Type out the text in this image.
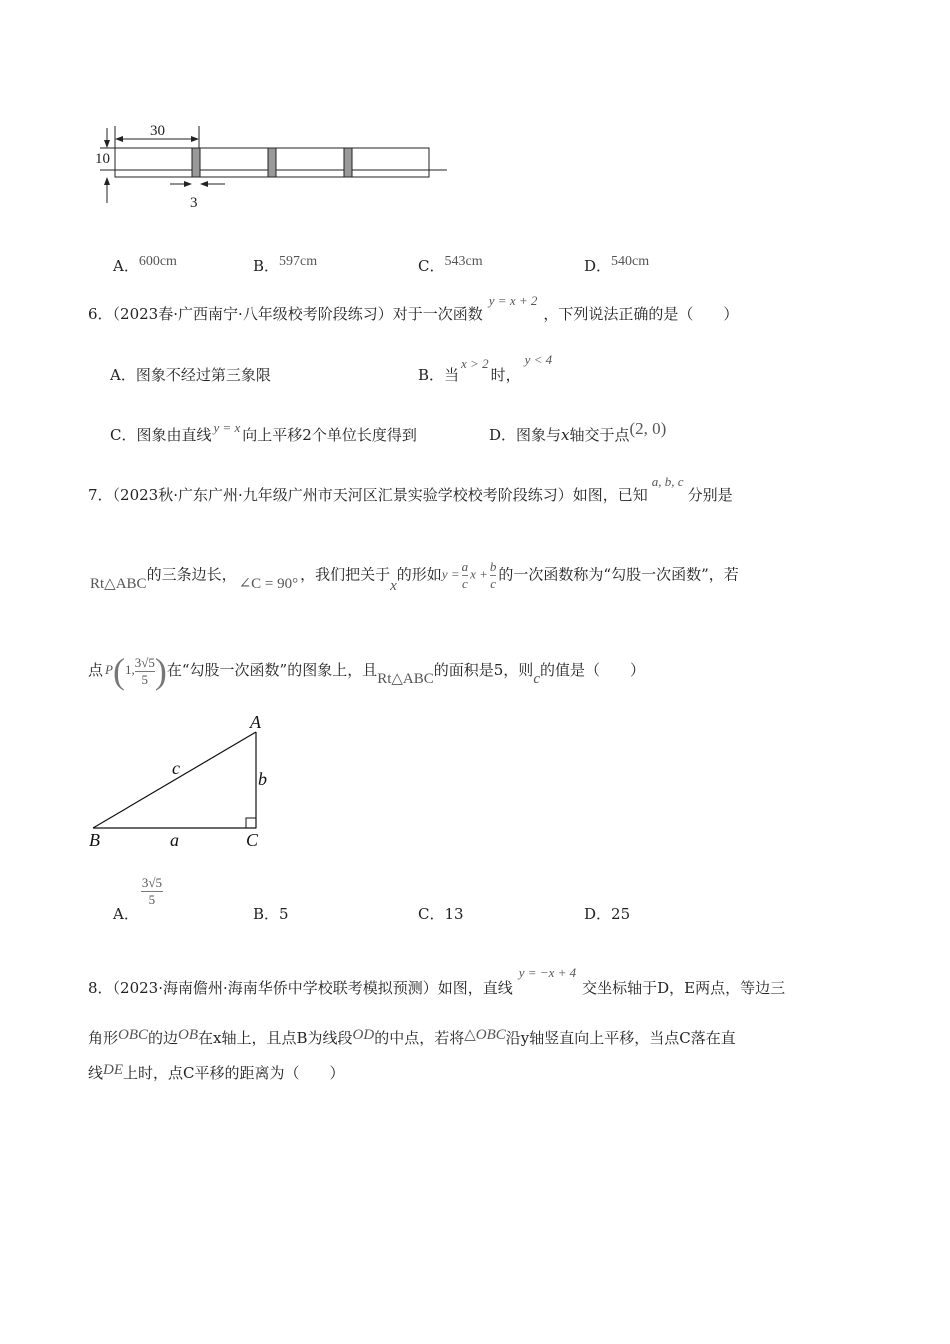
30
10
3
A．600cm	B．597cm	C．543cm	D．540cm
6．（2023春·广西南宁·八年级校考阶段练习）对于一次函数y = x + 2，下列说法正确的是（　　）
A．图象不经过第三象限	B．当x > 2时，y < 4
C．图象由直线 y = x 向上平移2个单位长度得到	D．图象与x轴交于点(2, 0)
7．（2023秋·广东广州·九年级广州市天河区汇景实验学校校考阶段练习）如图，已知a, b, c分别是
Rt△ABC的三条边长， ∠C = 90° ，我们把关于x的形如$y = \frac{a}{c}$ $x + \frac{b}{c}$ 的一次函数称为“勾股一次函数”，若
点 P(1, $\frac{3√5}{5}$ )在“勾股一次函数”的图象上，且Rt△ABC的面积是5，则c的值是（　　）
A
B	C
a
b
c
A．
$\frac{3√5}{5}$
B．5	C．13	D．25
8．（2023·海南儋州·海南华侨中学校联考模拟预测）如图，直线y = −x + 4交坐标轴于D，E两点，等边三
角形OBC的边OB在x轴上，且点B为线段OD的中点，若将△OBC沿y轴竖直向上平移，当点C落在直
线DE上时，点C平移的距离为（　　）
